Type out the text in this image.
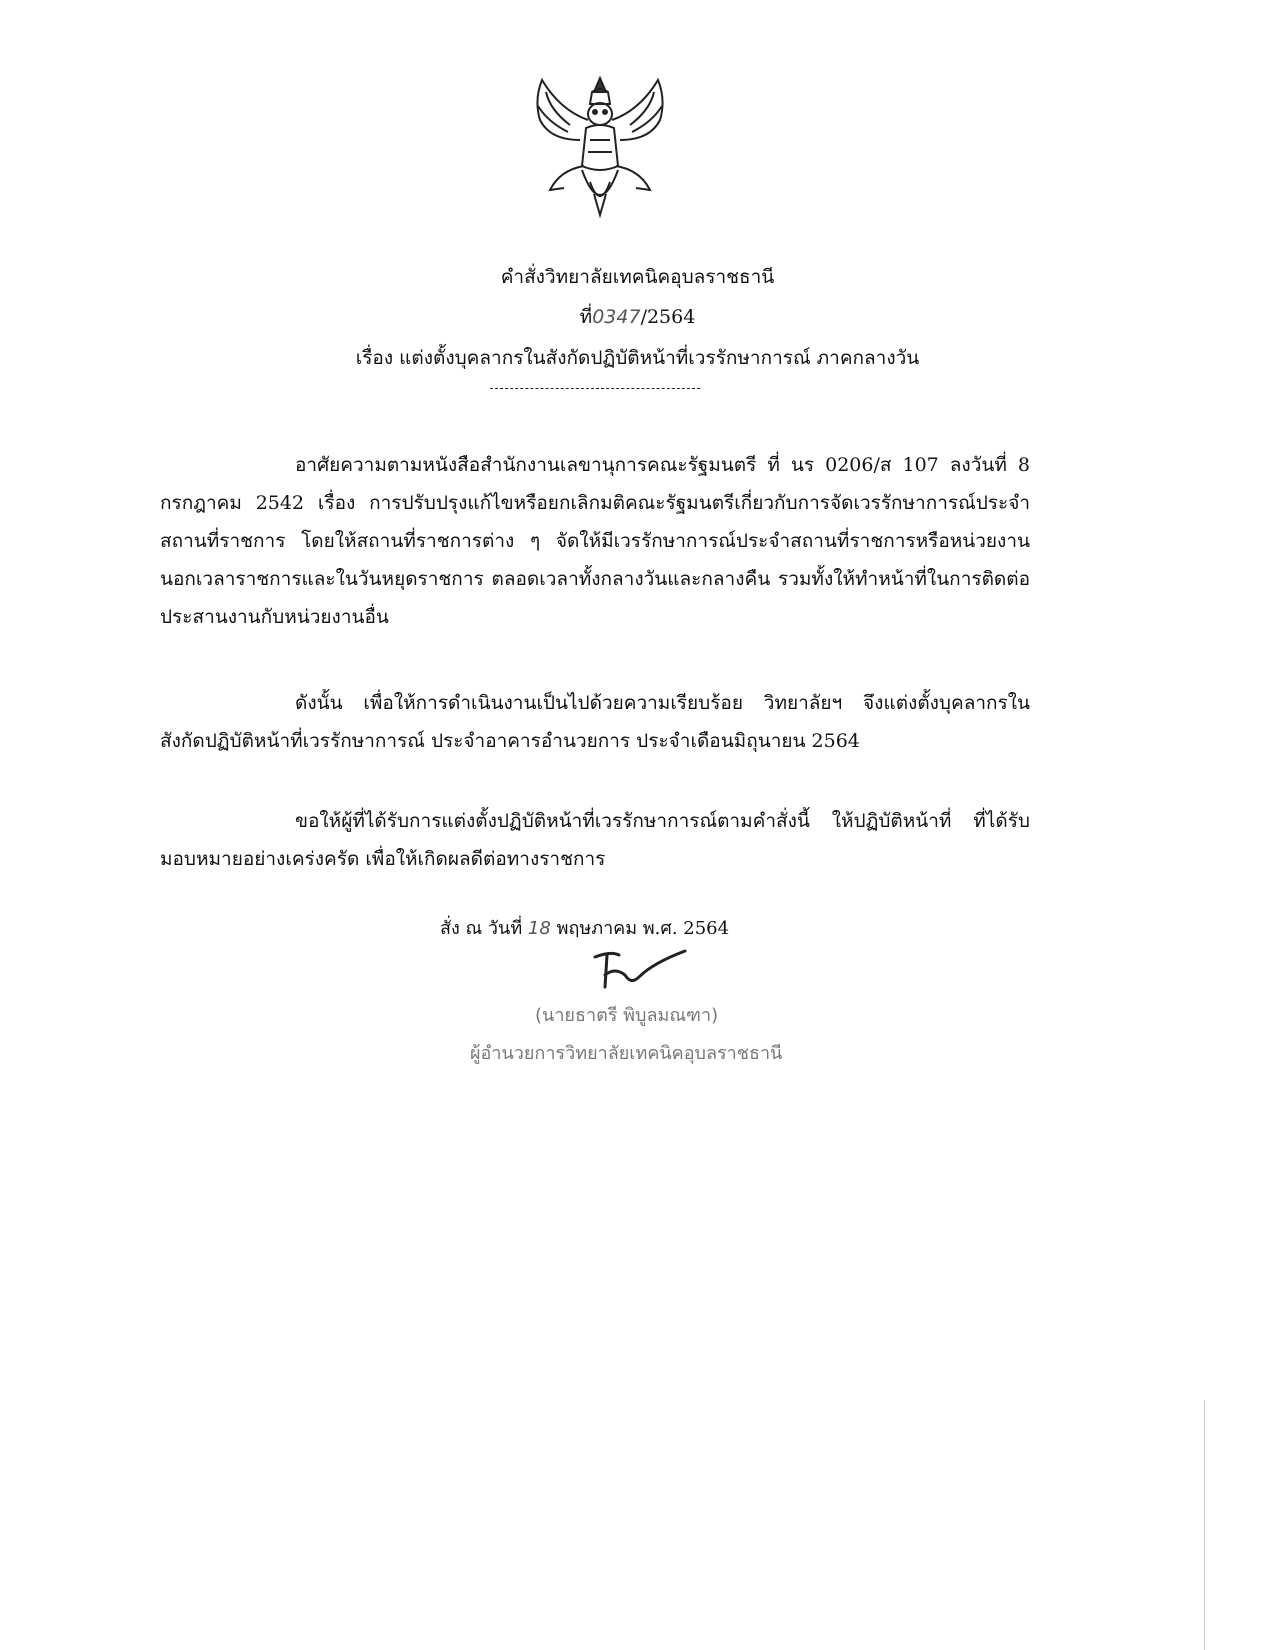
คำสั่งวิทยาลัยเทคนิคอุบลราชธานี
ที่0347/2564
เรื่อง แต่งตั้งบุคลากรในสังกัดปฏิบัติหน้าที่เวรรักษาการณ์ ภาคกลางวัน

อาศัยความตามหนังสือสำนักงานเลขานุการคณะรัฐมนตรี ที่ นร 0206/ส 107 ลงวันที่ 8 กรกฎาคม 2542 เรื่อง การปรับปรุงแก้ไขหรือยกเลิกมติคณะรัฐมนตรีเกี่ยวกับการจัดเวรรักษาการณ์ประจำสถานที่ราชการ โดยให้สถานที่ราชการต่าง ๆ จัดให้มีเวรรักษาการณ์ประจำสถานที่ราชการหรือหน่วยงานนอกเวลาราชการและในวันหยุดราชการ ตลอดเวลาทั้งกลางวันและกลางคืน รวมทั้งให้ทำหน้าที่ในการติดต่อประสานงานกับหน่วยงานอื่น

ดังนั้น เพื่อให้การดำเนินงานเป็นไปด้วยความเรียบร้อย วิทยาลัยฯ จึงแต่งตั้งบุคลากรในสังกัดปฏิบัติหน้าที่เวรรักษาการณ์ ประจำอาคารอำนวยการ ประจำเดือนมิถุนายน 2564

ขอให้ผู้ที่ได้รับการแต่งตั้งปฏิบัติหน้าที่เวรรักษาการณ์ตามคำสั่งนี้ ให้ปฏิบัติหน้าที่ ที่ได้รับมอบหมายอย่างเคร่งครัด เพื่อให้เกิดผลดีต่อทางราชการ

สั่ง ณ วันที่ 18 พฤษภาคม พ.ศ. 2564
(นายธาตรี พิบูลมณฑา)
ผู้อำนวยการวิทยาลัยเทคนิคอุบลราชธานี
